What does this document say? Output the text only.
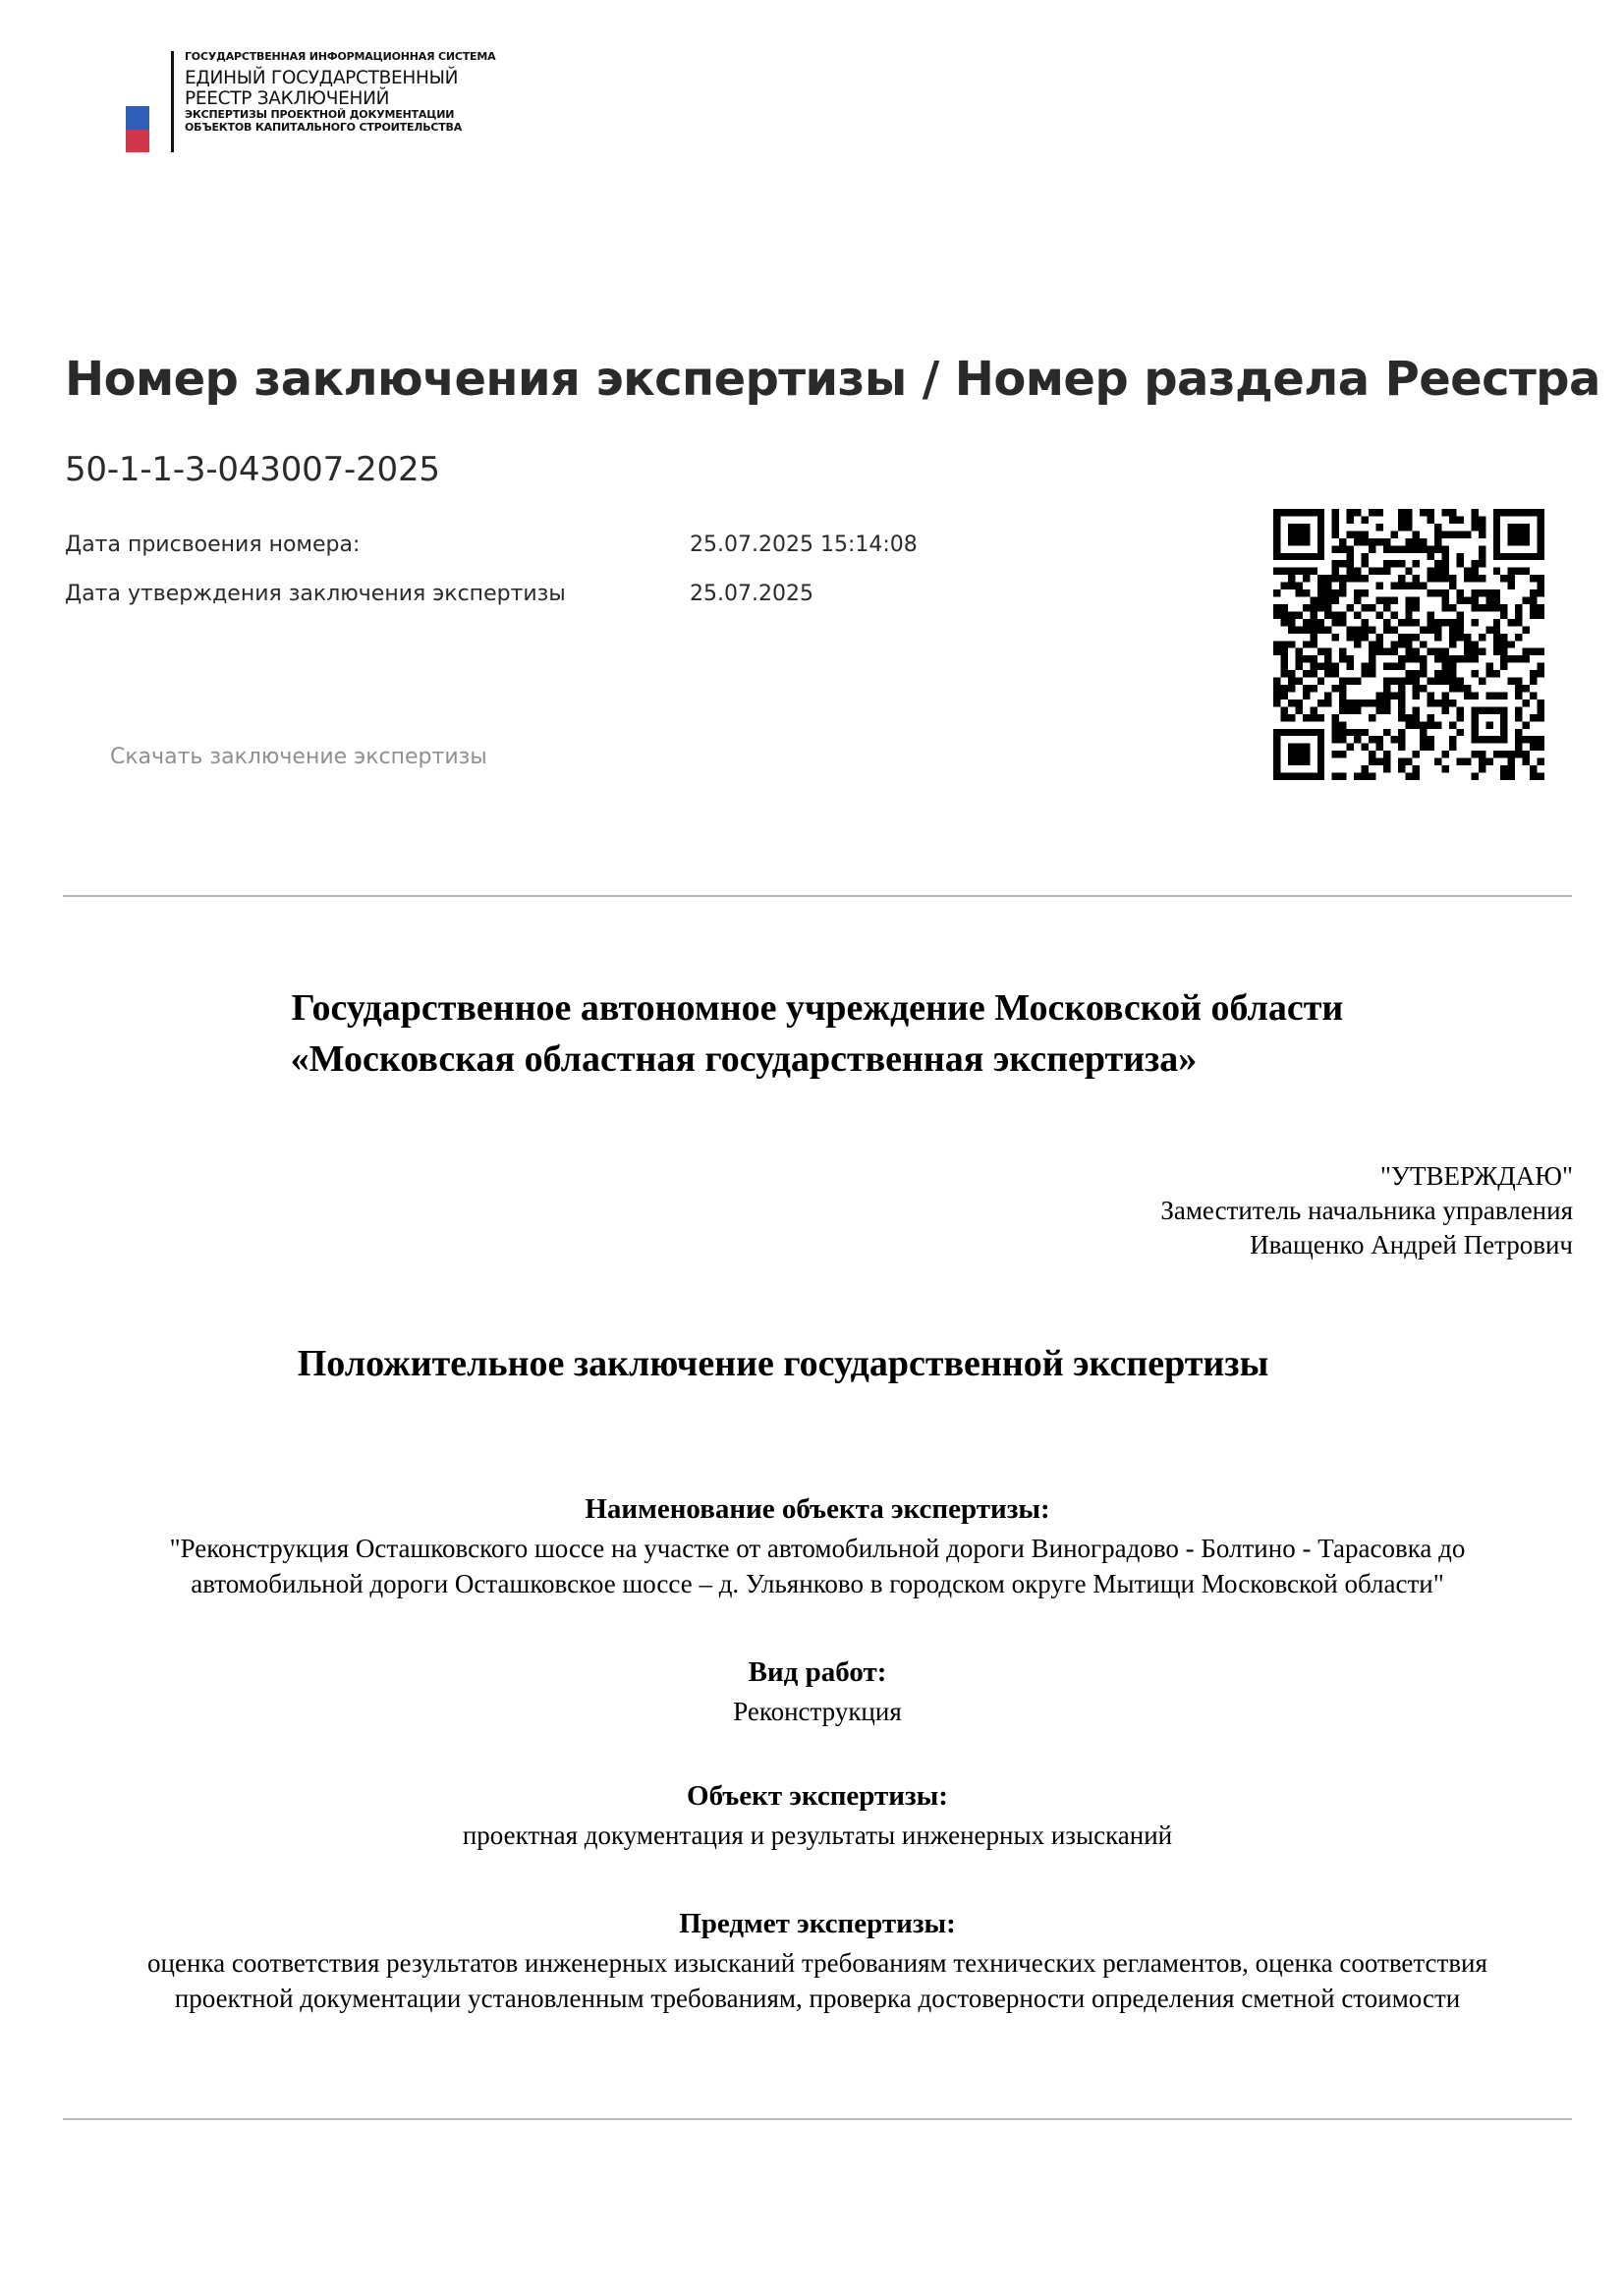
ГОСУДАРСТВЕННАЯ ИНФОРМАЦИОННАЯ СИСТЕМА
ЕДИНЫЙ ГОСУДАРСТВЕННЫЙ
РЕЕСТР ЗАКЛЮЧЕНИЙ
ЭКСПЕРТИЗЫ ПРОЕКТНОЙ ДОКУМЕНТАЦИИ
ОБЪЕКТОВ КАПИТАЛЬНОГО СТРОИТЕЛЬСТВА
Номер заключения экспертизы / Номер раздела Реестра
50-1-1-3-043007-2025
Дата присвоения номера:	25.07.2025 15:14:08
Дата утверждения заключения экспертизы	25.07.2025
Скачать заключение экспертизы
Государственное автономное учреждение Московской области
«Московская областная государственная экспертиза»
"УТВЕРЖДАЮ"
Заместитель начальника управления
Иващенко Андрей Петрович
Положительное заключение государственной экспертизы
Наименование объекта экспертизы:
"Реконструкция Осташковского шоссе на участке от автомобильной дороги Виноградово - Болтино - Тарасовка до
автомобильной дороги Осташковское шоссе – д. Ульянково в городском округе Мытищи Московской области"
Вид работ:
Реконструкция
Объект экспертизы:
проектная документация и результаты инженерных изысканий
Предмет экспертизы:
оценка соответствия результатов инженерных изысканий требованиям технических регламентов, оценка соответствия
проектной документации установленным требованиям, проверка достоверности определения сметной стоимости
